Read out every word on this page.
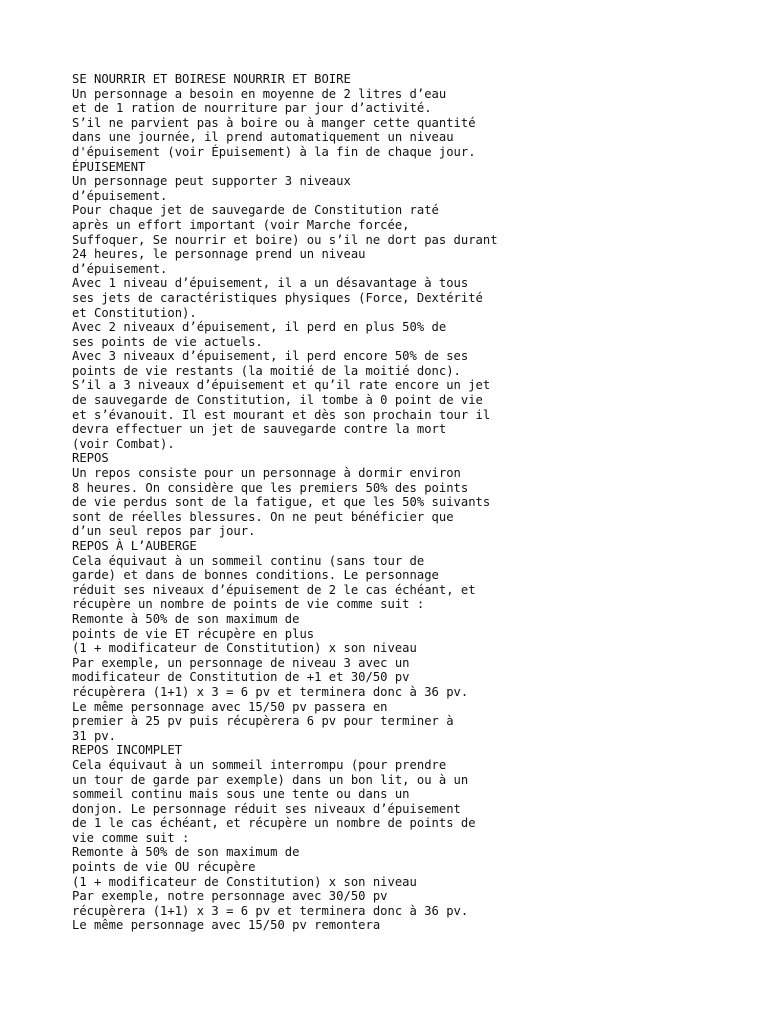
SE NOURRIR ET BOIRESE NOURRIR ET BOIRE
Un personnage a besoin en moyenne de 2 litres d’eau
et de 1 ration de nourriture par jour d’activité.
S’il ne parvient pas à boire ou à manger cette quantité
dans une journée, il prend automatiquement un niveau
d'épuisement (voir Épuisement) à la fin de chaque jour.
ÉPUISEMENT
Un personnage peut supporter 3 niveaux
d’épuisement.
Pour chaque jet de sauvegarde de Constitution raté
après un effort important (voir Marche forcée,
Suffoquer, Se nourrir et boire) ou s’il ne dort pas durant
24 heures, le personnage prend un niveau
d’épuisement.
Avec 1 niveau d’épuisement, il a un désavantage à tous
ses jets de caractéristiques physiques (Force, Dextérité
et Constitution).
Avec 2 niveaux d’épuisement, il perd en plus 50% de
ses points de vie actuels.
Avec 3 niveaux d’épuisement, il perd encore 50% de ses
points de vie restants (la moitié de la moitié donc).
S’il a 3 niveaux d’épuisement et qu’il rate encore un jet
de sauvegarde de Constitution, il tombe à 0 point de vie
et s’évanouit. Il est mourant et dès son prochain tour il
devra effectuer un jet de sauvegarde contre la mort
(voir Combat).
REPOS
Un repos consiste pour un personnage à dormir environ
8 heures. On considère que les premiers 50% des points
de vie perdus sont de la fatigue, et que les 50% suivants
sont de réelles blessures. On ne peut bénéficier que
d’un seul repos par jour.
REPOS À L’AUBERGE
Cela équivaut à un sommeil continu (sans tour de
garde) et dans de bonnes conditions. Le personnage
réduit ses niveaux d’épuisement de 2 le cas échéant, et
récupère un nombre de points de vie comme suit :
Remonte à 50% de son maximum de
points de vie ET récupère en plus
(1 + modificateur de Constitution) x son niveau
Par exemple, un personnage de niveau 3 avec un
modificateur de Constitution de +1 et 30/50 pv
récupèrera (1+1) x 3 = 6 pv et terminera donc à 36 pv.
Le même personnage avec 15/50 pv passera en
premier à 25 pv puis récupèrera 6 pv pour terminer à
31 pv.
REPOS INCOMPLET
Cela équivaut à un sommeil interrompu (pour prendre
un tour de garde par exemple) dans un bon lit, ou à un
sommeil continu mais sous une tente ou dans un
donjon. Le personnage réduit ses niveaux d’épuisement
de 1 le cas échéant, et récupère un nombre de points de
vie comme suit :
Remonte à 50% de son maximum de
points de vie OU récupère
(1 + modificateur de Constitution) x son niveau
Par exemple, notre personnage avec 30/50 pv
récupèrera (1+1) x 3 = 6 pv et terminera donc à 36 pv.
Le même personnage avec 15/50 pv remontera
